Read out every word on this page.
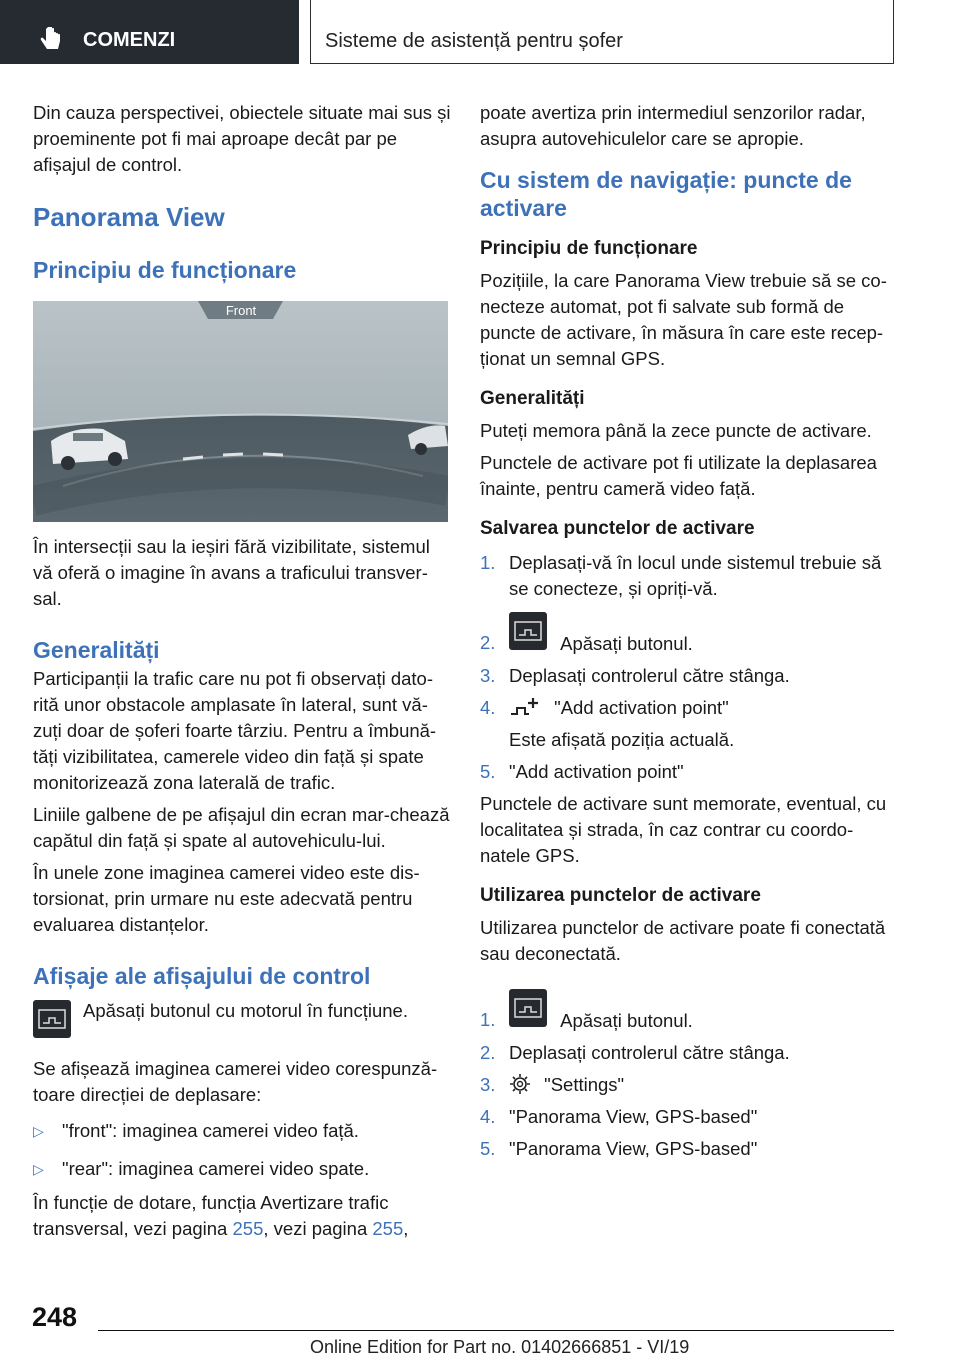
COMENZI	Sisteme de asistență pentru șofer

Din cauza perspectivei, obiectele situate mai sus și proeminente pot fi mai aproape decât par pe afișajul de control.

Panorama View
Principiu de funcționare
Front

În intersecții sau la ieșiri fără vizibilitate, sistemul vă oferă o imagine în avans a traficului transver-sal.

Generalități

Participanții la trafic care nu pot fi observați dato-rită unor obstacole amplasate în lateral, sunt vă-zuți doar de șoferi foarte târziu. Pentru a îmbună-tăți vizibilitatea, camerele video din față și spate monitorizează zona laterală de trafic.

Liniile galbene de pe afișajul din ecran mar-chează capătul din față și spate al autovehiculu-lui.

În unele zone imaginea camerei video este dis-torsionat, prin urmare nu este adecvată pentru evaluarea distanțelor.

Afișaje ale afișajului de control

Apăsați butonul cu motorul în funcțiune.

Se afișează imaginea camerei video corespunză-toare direcției de deplasare:

▷ "front": imaginea camerei video față.
▷ "rear": imaginea camerei video spate.

În funcție de dotare, funcția Avertizare trafic transversal, vezi pagina 255, vezi pagina 255,

poate avertiza prin intermediul senzorilor radar, asupra autovehiculelor care se apropie.

Cu sistem de navigație: puncte de activare
Principiu de funcționare

Pozițiile, la care Panorama View trebuie să se co-necteze automat, pot fi salvate sub formă de puncte de activare, în măsura în care este recep-ționat un semnal GPS.

Generalități

Puteți memora până la zece puncte de activare.

Punctele de activare pot fi utilizate la deplasarea înainte, pentru cameră video față.

Salvarea punctelor de activare
1. Deplasați-vă în locul unde sistemul trebuie să se conecteze, și opriți-vă.
2.	Apăsați butonul.
3. Deplasați controlerul către stânga.
4.	"Add activation point"

Este afișată poziția actuală.

5. "Add activation point"

Punctele de activare sunt memorate, eventual, cu localitatea și strada, în caz contrar cu coordo-natele GPS.

Utilizarea punctelor de activare

Utilizarea punctelor de activare poate fi conectată sau deconectată.

1.	Apăsați butonul.
2. Deplasați controlerul către stânga.
3.	"Settings"
4. "Panorama View, GPS-based"
5. "Panorama View, GPS-based"
248
Online Edition for Part no. 01402666851 - VI/19
